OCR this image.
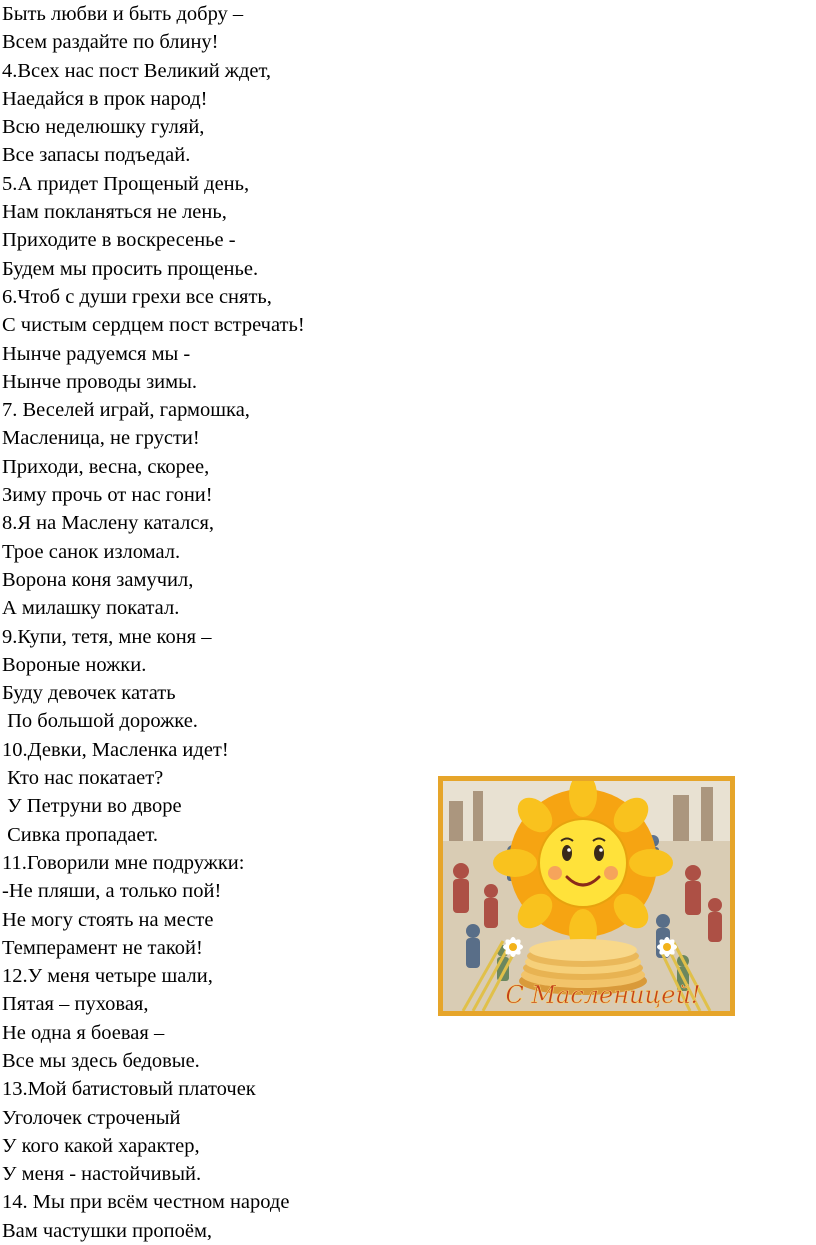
Быть любви и быть добру –
Всем раздайте по блину!
4.Всех нас пост Великий ждет,
Наедайся в прок народ!
Всю неделюшку гуляй,
Все запасы подъедай.
5.А придет Прощеный день,
Нам покланяться не лень,
Приходите в воскресенье -
Будем мы просить прощенье.
6.Чтоб с души грехи все снять,
С чистым сердцем пост встречать!
Нынче радуемся мы -
Нынче проводы зимы.
7. Веселей играй, гармошка,
Масленица, не грусти!
Приходи, весна, скорее,
Зиму прочь от нас гони!
8.Я на Маслену катался,
Трое санок изломал.
Ворона коня замучил,
А милашку покатал.
9.Купи, тетя, мне коня –
Вороные ножки.
Буду девочек катать
По большой дорожке.
10.Девки, Масленка идет!
Кто нас покатает?
У Петруни во дворе
Сивка пропадает.
11.Говорили мне подружки:
-Не пляши, а только пой!
Не могу стоять на месте
Темперамент не такой!
12.У меня четыре шали,
Пятая – пуховая,
Не одна я боевая –
Все мы здесь бедовые.
13.Мой батистовый платочек
Уголочек строченый
У кого какой характер,
У меня - настойчивый.
14. Мы при всём честном народе
Вам частушки пропоём,
С Масленицей!
